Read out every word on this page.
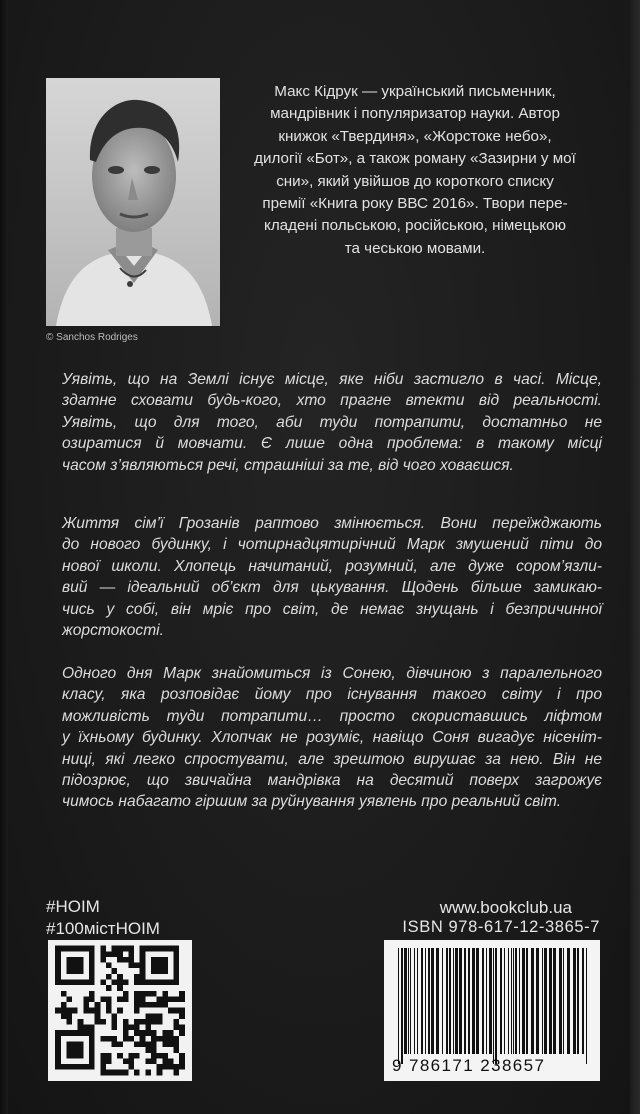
© Sanchos Rodriges
Макс Кідрук — український письменник,
мандрівник і популяризатор науки. Автор
книжок «Твердиня», «Жорстоке небо»,
дилогії «Бот», а також роману «Зазирни у мої
сни», який увійшов до короткого списку
премії «Книга року ВВС 2016». Твори пере-
кладені польською, російською, німецькою
та чеською мовами.
Уявіть, що на Землі існує місце, яке ніби застигло в часі. Місце,
здатне сховати будь-кого, хто прагне втекти від реальності.
Уявіть, що для того, аби туди потрапити, достатньо не
озиратися й мовчати. Є лише одна проблема: в такому місці
часом з’являються речі, страшніші за те, від чого ховаєшся.
Життя сім’ї Грозанів раптово змінюється. Вони переїжджають
до нового будинку, і чотирнадцятирічний Марк змушений піти до
нової школи. Хлопець начитаний, розумний, але дуже сором’язли-
вий — ідеальний об’єкт для цькування. Щодень більше замикаю-
чись у собі, він мріє про світ, де немає знущань і безпричинної
жорстокості.
Одного дня Марк знайомиться із Сонею, дівчиною з паралельного
класу, яка розповідає йому про існування такого світу і про
можливість туди потрапити… просто скориставшись ліфтом
у їхньому будинку. Хлопчак не розуміє, навіщо Соня вигадує нісеніт-
ниці, які легко спростувати, але зрештою вирушає за нею. Він не
підозрює, що звичайна мандрівка на десятий поверх загрожує
чимось набагато гіршим за руйнування уявлень про реальний світ.
#НОІМ
#100містНОІМ
www.bookclub.ua
ISBN 978-617-12-3865-7
9 786171 238657
